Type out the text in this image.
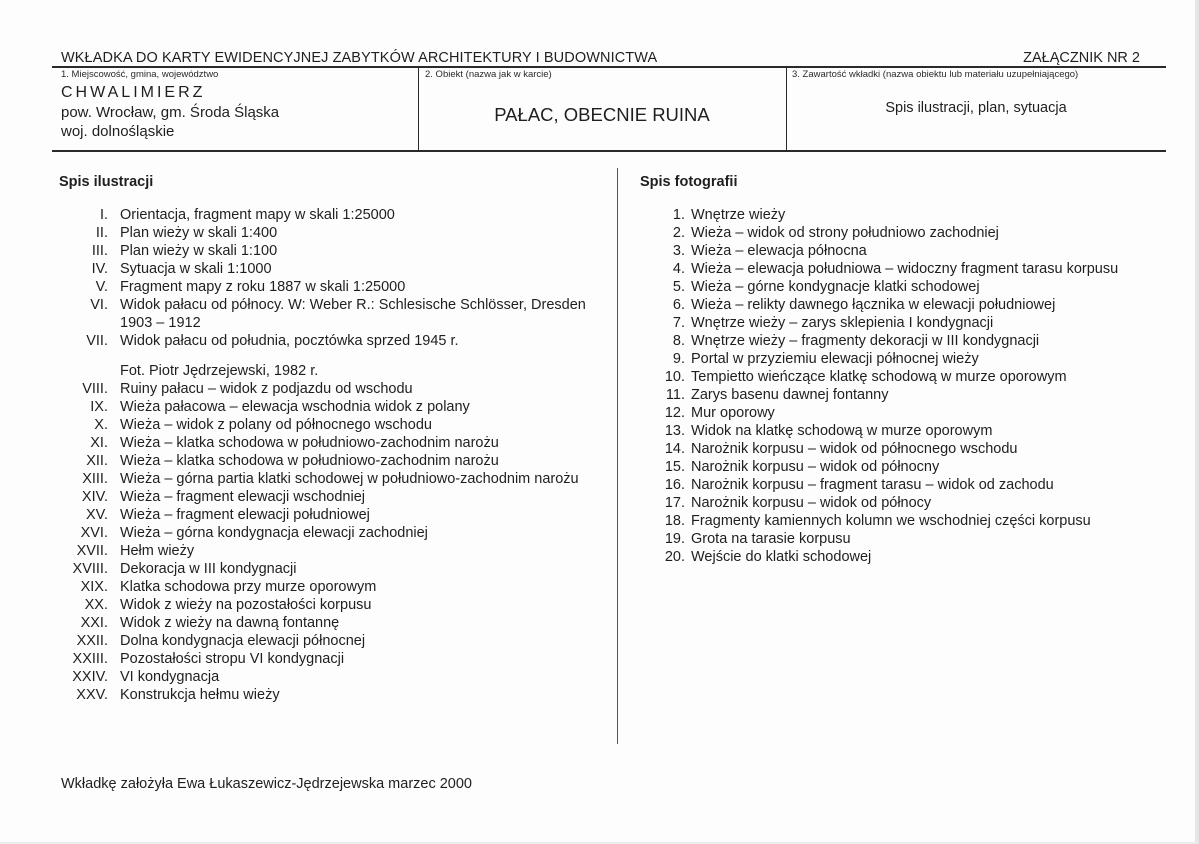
WKŁADKA DO KARTY EWIDENCYJNEJ ZABYTKÓW ARCHITEKTURY I BUDOWNICTWA	ZAŁĄCZNIK NR 2
1. Miejscowość, gmina, województwo
CHWALIMIERZ
pow. Wrocław, gm. Środa Śląska
woj. dolnośląskie
2. Obiekt (nazwa jak w karcie)
PAŁAC, OBECNIE RUINA
3. Zawartość wkładki (nazwa obiektu lub materiału uzupełniającego)
Spis ilustracji, plan, sytuacja
Spis ilustracji	Spis fotografii
I. Orientacja, fragment mapy w skali 1:25000
II. Plan wieży w skali 1:400
III. Plan wieży w skali 1:100
IV. Sytuacja w skali 1:1000
V. Fragment mapy z roku 1887 w skali 1:25000
VI. Widok pałacu od północy. W: Weber R.: Schlesische Schlösser, Dresden 1903 – 1912
VII. Widok pałacu od południa, pocztówka sprzed 1945 r.
Fot. Piotr Jędrzejewski, 1982 r.
VIII. Ruiny pałacu – widok z podjazdu od wschodu
IX. Wieża pałacowa – elewacja wschodnia widok z polany
X. Wieża – widok z polany od północnego wschodu
XI. Wieża – klatka schodowa w południowo-zachodnim narożu
XII. Wieża – klatka schodowa w południowo-zachodnim narożu
XIII. Wieża – górna partia klatki schodowej w południowo-zachodnim narożu
XIV. Wieża – fragment elewacji wschodniej
XV. Wieża – fragment elewacji południowej
XVI. Wieża – górna kondygnacja elewacji zachodniej
XVII. Hełm wieży
XVIII. Dekoracja w III kondygnacji
XIX. Klatka schodowa przy murze oporowym
XX. Widok z wieży na pozostałości korpusu
XXI. Widok z wieży na dawną fontannę
XXII. Dolna kondygnacja elewacji północnej
XXIII. Pozostałości stropu VI kondygnacji
XXIV. VI kondygnacja
XXV. Konstrukcja hełmu wieży
1. Wnętrze wieży
2. Wieża – widok od strony południowo zachodniej
3. Wieża – elewacja północna
4. Wieża – elewacja południowa – widoczny fragment tarasu korpusu
5. Wieża – górne kondygnacje klatki schodowej
6. Wieża – relikty dawnego łącznika w elewacji południowej
7. Wnętrze wieży – zarys sklepienia I kondygnacji
8. Wnętrze wieży – fragmenty dekoracji w III kondygnacji
9. Portal w przyziemiu elewacji północnej wieży
10. Tempietto wieńczące klatkę schodową w murze oporowym
11. Zarys basenu dawnej fontanny
12. Mur oporowy
13. Widok na klatkę schodową w murze oporowym
14. Narożnik korpusu – widok od północnego wschodu
15. Narożnik korpusu – widok od północny
16. Narożnik korpusu – fragment tarasu – widok od zachodu
17. Narożnik korpusu – widok od północy
18. Fragmenty kamiennych kolumn we wschodniej części korpusu
19. Grota na tarasie korpusu
20. Wejście do klatki schodowej
Wkładkę założyła Ewa Łukaszewicz-Jędrzejewska marzec 2000
